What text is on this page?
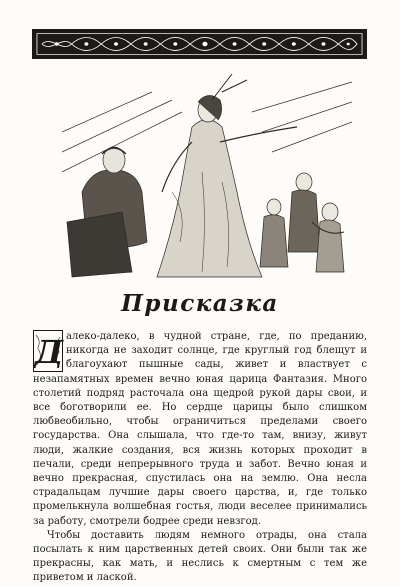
Присказка
Д алеко-далеко, в чудной стране, где, по преданию, никогда не заходит солнце, где круглый год блещут и благоухают пышные сады, живет и властвует с незапамятных времен вечно юная царица Фантазия. Много столетий подряд расточала она щедрой рукой дары свои, и все боготворили ее. Но сердце царицы было слишком любвеобильно, чтобы ограничиться пределами своего государства. Она слышала, что где-то там, внизу, живут люди, жалкие создания, вся жизнь которых проходит в печали, среди непрерывного труда и забот. Вечно юная и вечно прекрасная, спустилась она на землю. Она несла страдальцам лучшие дары своего царства, и, где только промелькнула волшебная гостья, люди веселее принимались за работу, смотрели бодрее среди невзгод.

Чтобы доставить людям немного отрады, она стала посылать к ним царственных детей своих. Они были так же прекрасны, как мать, и неслись к смертным с тем же приветом и лаской.
